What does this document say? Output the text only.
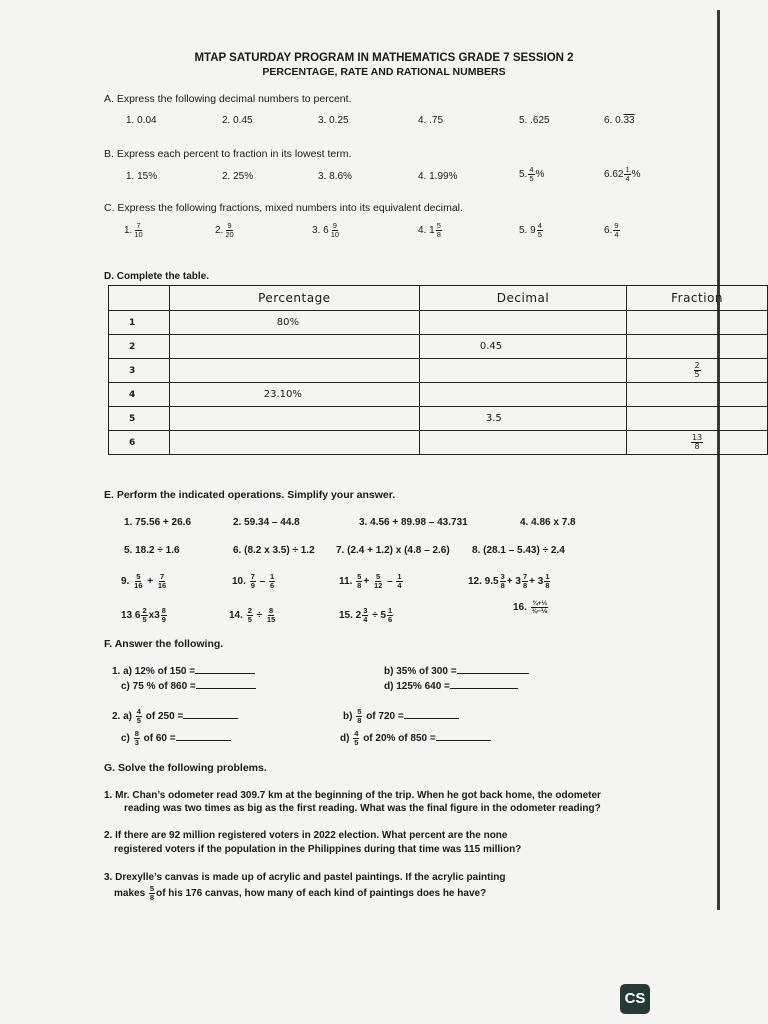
MTAP SATURDAY PROGRAM IN MATHEMATICS GRADE 7 SESSION 2
PERCENTAGE, RATE AND RATIONAL NUMBERS
A. Express the following decimal numbers to percent.
1. 0.04	2. 0.45	3. 0.25	4. .75	5. .625	6. 0.33
B. Express each percent to fraction in its lowest term.
1. 15%	2. 25%	3. 8.6%	4. 1.99%	5. $\frac{4}{5}$ %	$6.62 \frac{1}{4}$ %
C. Express the following fractions, mixed numbers into its equivalent decimal.
1. $\frac{7}{10}$	2. $\frac{9}{20}$	3. $6 \frac{9}{10}$	4. $1 \frac{5}{8}$	5. $9 \frac{4}{5}$	6. $\frac{9}{4}$
D. Complete the table.
	Percentage	Decimal	Fraction
1	80%		
2		0.45	
3			$\frac{2}{5}$

4	23.10%		
5		3.5	
6			$\frac{13}{8}$
E. Perform the indicated operations. Simplify your answer.
1. 75.56 + 26.6	2. 59.34 – 44.8	3. 4.56 + 89.98 – 43.731	4. 4.86 x 7.8
5. 18.2 ÷ 1.6	6. (8.2 x 3.5) ÷ 1.2 7. (2.4 + 1.2) x (4.8 – 2.6) 8. (28.1 – 5.43) ÷ 2.4
9. $\frac{5}{16} + \frac{7}{16}$	10. $\frac{7}{9} - \frac{1}{6}$	11. $\frac{5}{8} + \frac{5}{12} - \frac{1}{4}$	12. $9.5 \frac{3}{8} + 3 \frac{7}{8} + 3 \frac{1}{8}$
13 $6 \frac{2}{5} x3 \frac{8}{9}$	14. $\frac{2}{5} \div \frac{8}{15}$	15. $2 \frac{3}{4} \div 5 \frac{1}{6}$	16. $\frac{\text{¾+⅓}}{\text{⅜−⅙}}$
F. Answer the following.
1. a) 12% of 150 =	b) 35% of 300 =
c) 75 % of 860 =	d) 125% 640 =
2. $a) \frac{4}{5}$ of 250 =	$b) \frac{5}{8}$ of 720 =
$c) \frac{8}{3}$ of 60 =	$d) \frac{4}{5}$ of 20% of 850 =
G. Solve the following problems.
1. Mr. Chan’s odometer read 309.7 km at the beginning of the trip. When he got back home, the odometer
reading was two times as big as the first reading. What was the final figure in the odometer reading?
2. If there are 92 million registered voters in 2022 election. What percent are the none
registered voters if the population in the Philippines during that time was 115 million?
3. Drexylle’s canvas is made up of acrylic and pastel paintings. If the acrylic painting
makes $\frac{5}{8}$ of his 176 canvas, how many of each kind of paintings does he have?
CS
